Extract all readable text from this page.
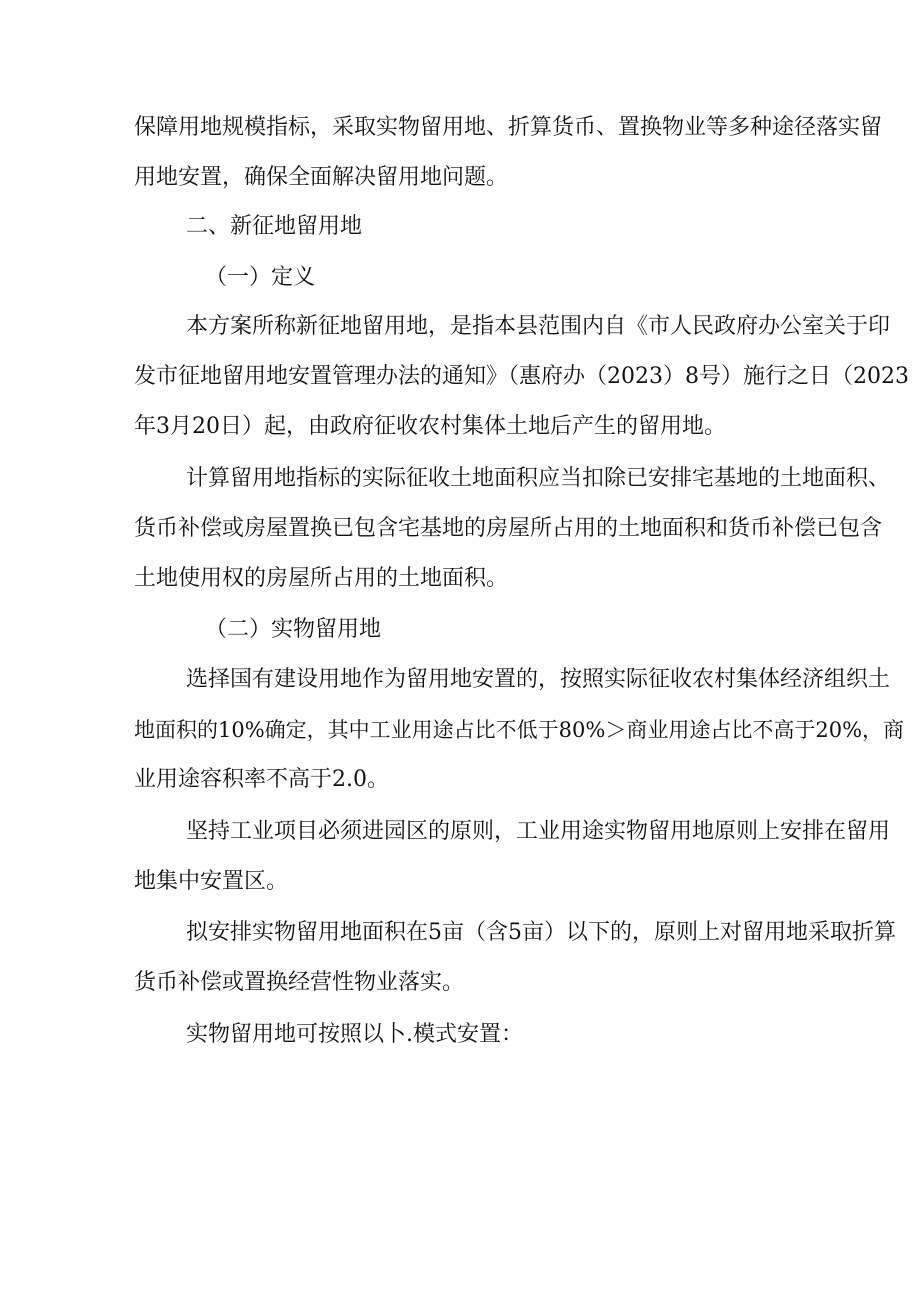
保障用地规模指标，采取实物留用地、折算货币、置换物业等多种途径落实留
用地安置，确保全面解决留用地问题。
二、新征地留用地
（一）定义
本方案所称新征地留用地，是指本县范围内自《市人民政府办公室关于印
发市征地留用地安置管理办法的通知》（惠府办（2023）8号）施行之日（2023
年3月20日）起，由政府征收农村集体土地后产生的留用地。
计算留用地指标的实际征收土地面积应当扣除已安排宅基地的土地面积、
货币补偿或房屋置换已包含宅基地的房屋所占用的土地面积和货币补偿已包含
土地使用权的房屋所占用的土地面积。
（二）实物留用地
选择国有建设用地作为留用地安置的，按照实际征收农村集体经济组织土
地面积的10%确定，其中工业用途占比不低于80%＞商业用途占比不高于20%，商
业用途容积率不高于2.0。
坚持工业项目必须进园区的原则，工业用途实物留用地原则上安排在留用
地集中安置区。
拟安排实物留用地面积在5亩（含5亩）以下的，原则上对留用地采取折算
货币补偿或置换经营性物业落实。
实物留用地可按照以卜.模式安置：
